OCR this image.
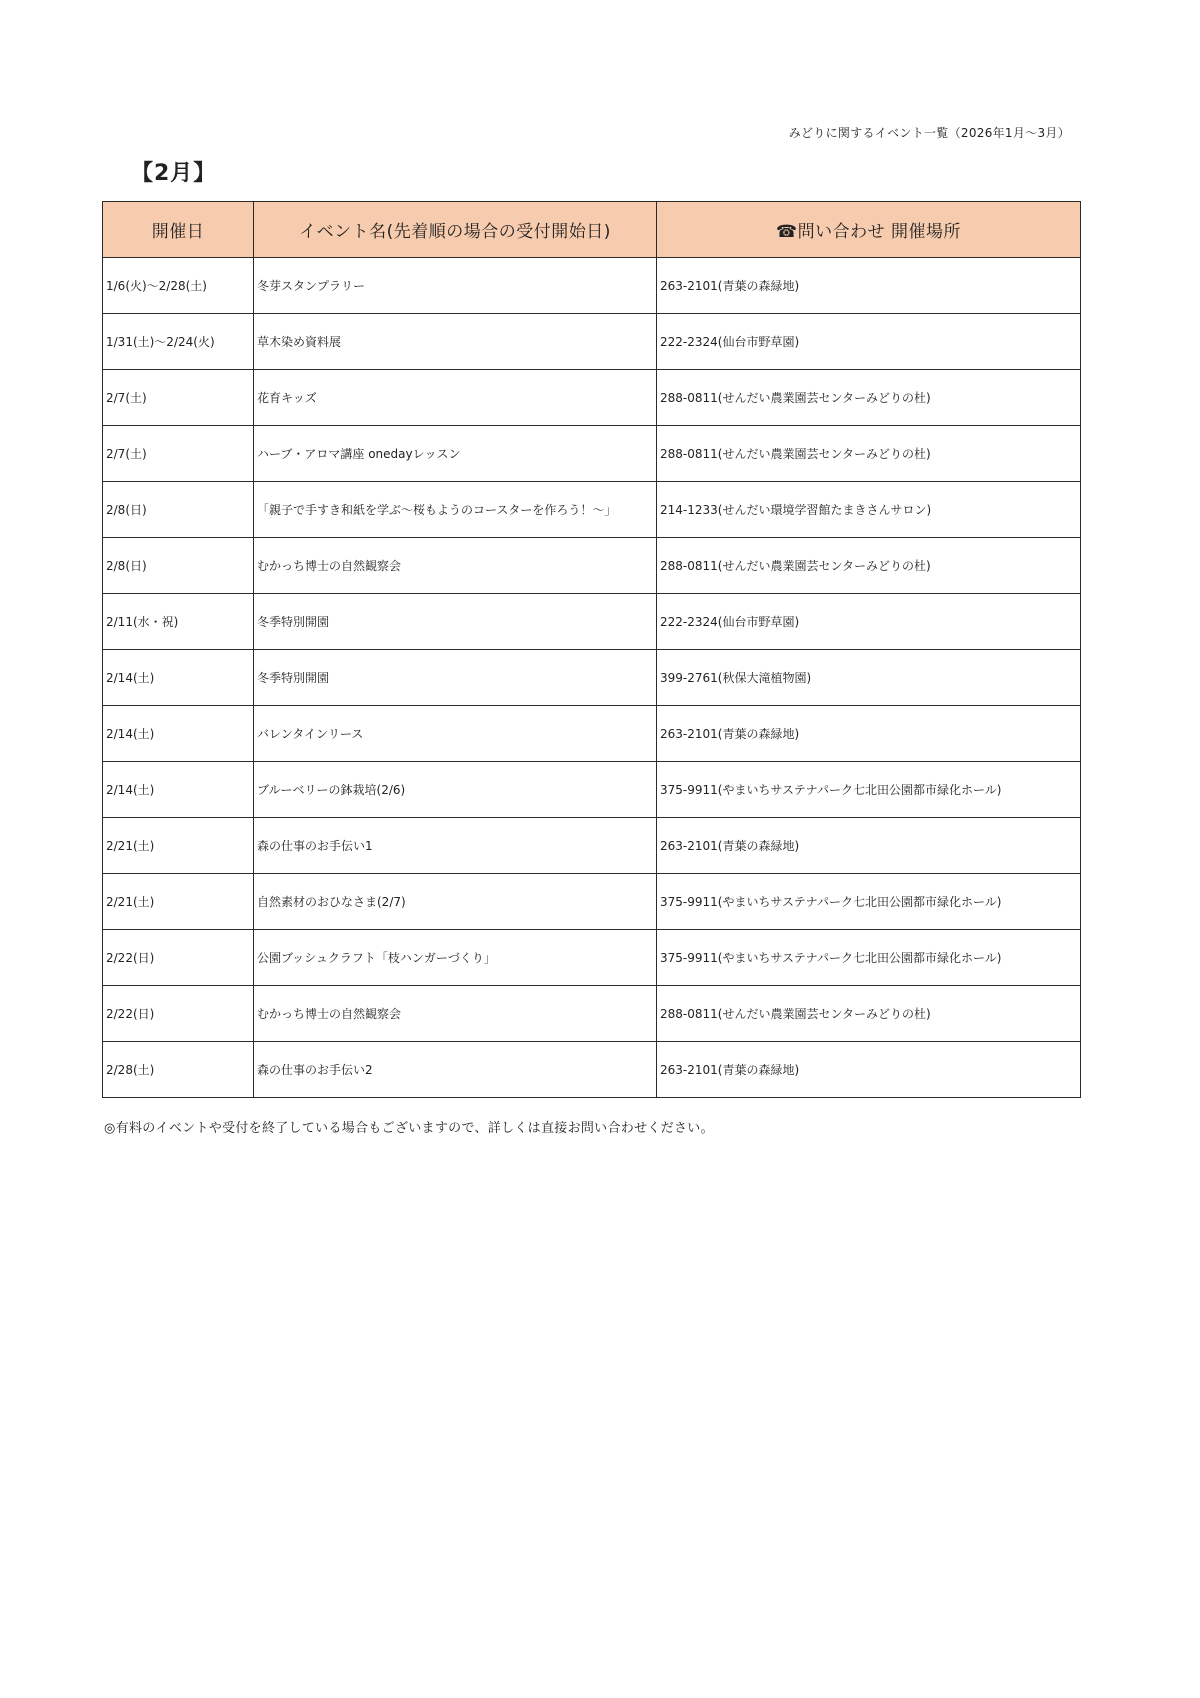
みどりに関するイベント一覧（2026年1月～3月）
【2月】
開催日	イベント名(先着順の場合の受付開始日)	☎問い合わせ 開催場所
1/6(火)～2/28(土)	冬芽スタンプラリー	263-2101(青葉の森緑地)
1/31(土)～2/24(火)	草木染め資料展	222-2324(仙台市野草園)
2/7(土)	花育キッズ	288-0811(せんだい農業園芸センターみどりの杜)
2/7(土)	ハーブ・アロマ講座 onedayレッスン	288-0811(せんだい農業園芸センターみどりの杜)
2/8(日)	「親子で手すき和紙を学ぶ～桜もようのコースターを作ろう！～」	214-1233(せんだい環境学習館たまきさんサロン)
2/8(日)	むかっち博士の自然観察会	288-0811(せんだい農業園芸センターみどりの杜)
2/11(水・祝)	冬季特別開園	222-2324(仙台市野草園)
2/14(土)	冬季特別開園	399-2761(秋保大滝植物園)
2/14(土)	バレンタインリース	263-2101(青葉の森緑地)
2/14(土)	ブルーベリーの鉢栽培(2/6)	375-9911(やまいちサステナパーク七北田公園都市緑化ホール)
2/21(土)	森の仕事のお手伝い1	263-2101(青葉の森緑地)
2/21(土)	自然素材のおひなさま(2/7)	375-9911(やまいちサステナパーク七北田公園都市緑化ホール)
2/22(日)	公園ブッシュクラフト「枝ハンガーづくり」	375-9911(やまいちサステナパーク七北田公園都市緑化ホール)
2/22(日)	むかっち博士の自然観察会	288-0811(せんだい農業園芸センターみどりの杜)
2/28(土)	森の仕事のお手伝い2	263-2101(青葉の森緑地)
◎有料のイベントや受付を終了している場合もございますので、詳しくは直接お問い合わせください。
